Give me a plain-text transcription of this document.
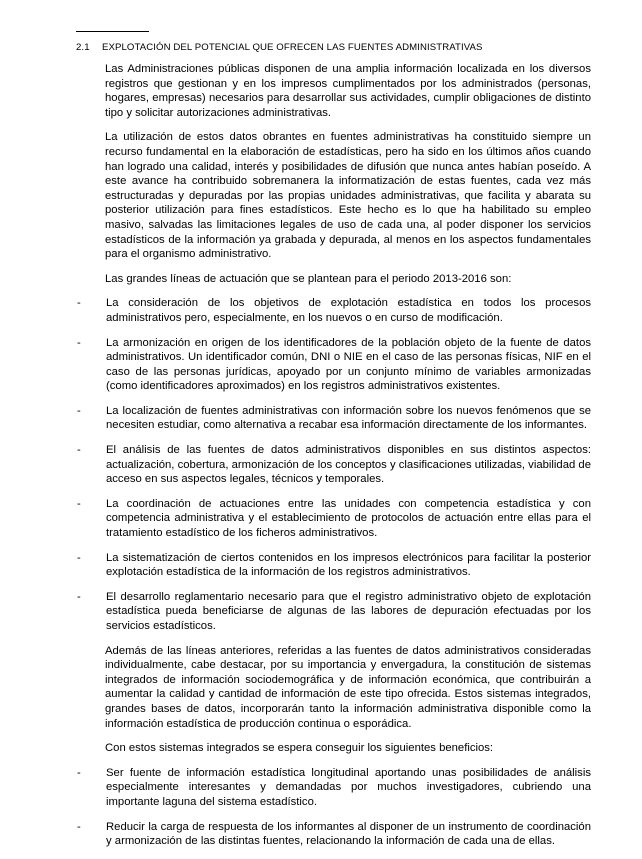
2.1	EXPLOTACIÓN DEL POTENCIAL QUE OFRECEN LAS FUENTES ADMINISTRATIVAS

Las Administraciones públicas disponen de una amplia información localizada en los diversos registros que gestionan y en los impresos cumplimentados por los administrados (personas, hogares, empresas) necesarios para desarrollar sus actividades, cumplir obligaciones de distinto tipo y solicitar autorizaciones administrativas.

La utilización de estos datos obrantes en fuentes administrativas ha constituido siempre un recurso fundamental en la elaboración de estadísticas, pero ha sido en los últimos años cuando han logrado una calidad, interés y posibilidades de difusión que nunca antes habían poseído. A este avance ha contribuido sobremanera la informatización de estas fuentes, cada vez más estructuradas y depuradas por las propias unidades administrativas, que facilita y abarata su posterior utilización para fines estadísticos. Este hecho es lo que ha habilitado su empleo masivo, salvadas las limitaciones legales de uso de cada una, al poder disponer los servicios estadísticos de la información ya grabada y depurada, al menos en los aspectos fundamentales para el organismo administrativo.

Las grandes líneas de actuación que se plantean para el periodo 2013-2016 son:

-	La consideración de los objetivos de explotación estadística en todos los procesos administrativos pero, especialmente, en los nuevos o en curso de modificación.
-	La armonización en origen de los identificadores de la población objeto de la fuente de datos administrativos. Un identificador común, DNI o NIE en el caso de las personas físicas, NIF en el caso de las personas jurídicas, apoyado por un conjunto mínimo de variables armonizadas (como identificadores aproximados) en los registros administrativos existentes.
-	La localización de fuentes administrativas con información sobre los nuevos fenómenos que se necesiten estudiar, como alternativa a recabar esa información directamente de los informantes.
-	El análisis de las fuentes de datos administrativos disponibles en sus distintos aspectos: actualización, cobertura, armonización de los conceptos y clasificaciones utilizadas, viabilidad de acceso en sus aspectos legales, técnicos y temporales.
-	La coordinación de actuaciones entre las unidades con competencia estadística y con competencia administrativa y el establecimiento de protocolos de actuación entre ellas para el tratamiento estadístico de los ficheros administrativos.
-	La sistematización de ciertos contenidos en los impresos electrónicos para facilitar la posterior explotación estadística de la información de los registros administrativos.
-	El desarrollo reglamentario necesario para que el registro administrativo objeto de explotación estadística pueda beneficiarse de algunas de las labores de depuración efectuadas por los servicios estadísticos.

Además de las líneas anteriores, referidas a las fuentes de datos administrativos consideradas individualmente, cabe destacar, por su importancia y envergadura, la constitución de sistemas integrados de información sociodemográfica y de información económica, que contribuirán a aumentar la calidad y cantidad de información de este tipo ofrecida. Estos sistemas integrados, grandes bases de datos, incorporarán tanto la información administrativa disponible como la información estadística de producción continua o esporádica.

Con estos sistemas integrados se espera conseguir los siguientes beneficios:

-	Ser fuente de información estadística longitudinal aportando unas posibilidades de análisis especialmente interesantes y demandadas por muchos investigadores, cubriendo una importante laguna del sistema estadístico.
-	Reducir la carga de respuesta de los informantes al disponer de un instrumento de coordinación y armonización de las distintas fuentes, relacionando la información de cada una de ellas.
